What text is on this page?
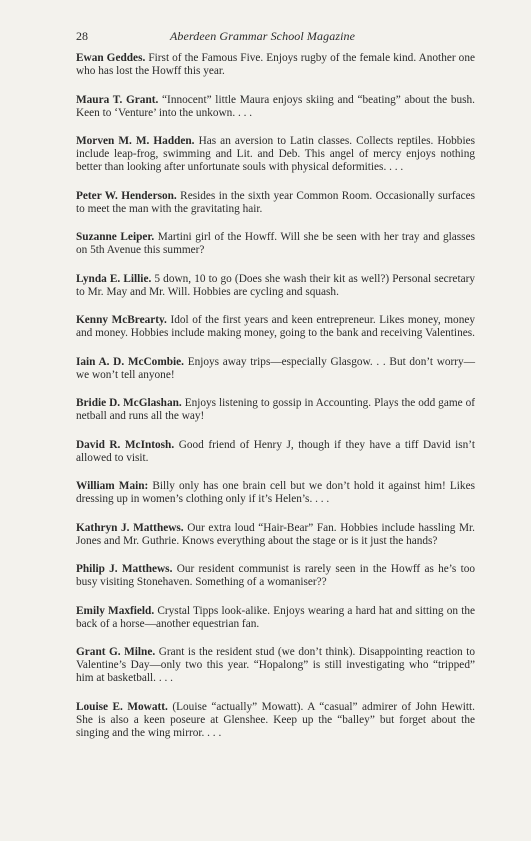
28	Aberdeen Grammar School Magazine

Ewan Geddes. First of the Famous Five. Enjoys rugby of the female kind. Another one who has lost the Howff this year.

Maura T. Grant. “Innocent” little Maura enjoys skiing and “beating” about the bush. Keen to ‘Venture’ into the unkown. . . .

Morven M. M. Hadden. Has an aversion to Latin classes. Collects reptiles. Hobbies include leap-frog, swimming and Lit. and Deb. This angel of mercy enjoys nothing better than looking after unfortunate souls with physical deformities. . . .

Peter W. Henderson. Resides in the sixth year Common Room. Occasionally surfaces to meet the man with the gravitating hair.

Suzanne Leiper. Martini girl of the Howff. Will she be seen with her tray and glasses on 5th Avenue this summer?

Lynda E. Lillie. 5 down, 10 to go (Does she wash their kit as well?) Personal secretary to Mr. May and Mr. Will. Hobbies are cycling and squash.

Kenny McBrearty. Idol of the first years and keen entrepreneur. Likes money, money and money. Hobbies include making money, going to the bank and receiving Valentines.

Iain A. D. McCombie. Enjoys away trips—especially Glasgow. . . But don’t worry—we won’t tell anyone!

Bridie D. McGlashan. Enjoys listening to gossip in Accounting. Plays the odd game of netball and runs all the way!

David R. McIntosh. Good friend of Henry J, though if they have a tiff David isn’t allowed to visit.

William Main: Billy only has one brain cell but we don’t hold it against him! Likes dressing up in women’s clothing only if it’s Helen’s. . . .

Kathryn J. Matthews. Our extra loud “Hair-Bear” Fan. Hobbies include hassling Mr. Jones and Mr. Guthrie. Knows everything about the stage or is it just the hands?

Philip J. Matthews. Our resident communist is rarely seen in the Howff as he’s too busy visiting Stonehaven. Something of a womaniser??

Emily Maxfield. Crystal Tipps look-alike. Enjoys wearing a hard hat and sitting on the back of a horse—another equestrian fan.

Grant G. Milne. Grant is the resident stud (we don’t think). Disappointing reaction to Valentine’s Day—only two this year. “Hopalong” is still investigating who “tripped” him at basketball. . . .

Louise E. Mowatt. (Louise “actually” Mowatt). A “casual” admirer of John Hewitt. She is also a keen poseure at Glenshee. Keep up the “balley” but forget about the singing and the wing mirror. . . .
